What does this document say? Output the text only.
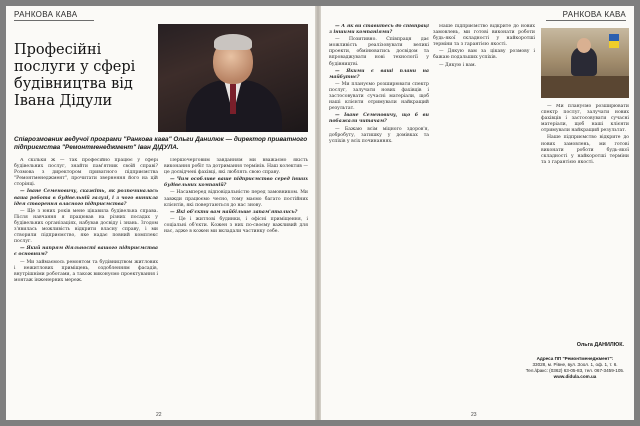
РАНКОВА КАВА
Професійні послуги у сфері будівництва від Івана Дідули
Співрозмовник ведучої програми "Ранкова кава" Ольги Данилюк — директор приватного підприємства "Ремонтменеджмент" Іван ДІДУЛА.

А скільки ж — так професійно працює у сфері будівельних послуг, знайти пам'ятник своїй справі? Розмова з директором приватного підприємства "Ремонтменеджмент", прочитати звернення його на цій сторінці.

— Іване Семеновичу, скажіть, як розпочиналась ваша робота в будівельній галузі, і з чого виникла ідея створення власного підприємства?

— Ще з юних років мене цікавила будівельна справа. Після навчання я працював на різних посадах у будівельних організаціях, набував досвіду і знань. Згодом з'явилась можливість відкрити власну справу, і ми створили підприємство, яке надає повний комплекс послуг.

— Який напрям діяльності вашого підприємства є основним?

— Ми займаємось ремонтом та будівництвом житлових і нежитлових приміщень, оздобленням фасадів, внутрішніми роботами, а також виконуємо проектування і монтаж інженерних мереж.

Першочерговим завданням ми вважаємо якість виконання робіт та дотримання термінів. Наш колектив — це досвідчені фахівці, які люблять свою справу.

— Чим особливе ваше підприємство серед інших будівельних компаній?

— Насамперед відповідальністю перед замовником. Ми завжди працюємо чесно, тому маємо багато постійних клієнтів, які повертаються до нас знову.

— Які об'єкти вам найбільше запам'ятались?

— Це і житлові будинки, і офісні приміщення, і соціальні об'єкти. Кожен з них по-своєму важливий для нас, адже в кожен ми вкладали частинку себе.

22
РАНКОВА КАВА

— А як ви ставитесь до співпраці з іншими компаніями?

— Позитивно. Співпраця дає можливість реалізовувати великі проекти, обмінюватись досвідом та впроваджувати нові технології у будівництві.

— Якими є ваші плани на майбутнє?

— Ми плануємо розширювати спектр послуг, залучати нових фахівців і застосовувати сучасні матеріали, щоб наші клієнти отримували найкращий результат.

— Іване Семеновичу, що б ви побажали читачам?

— Бажаю всім міцного здоров'я, добробуту, затишку у домівках та успіхів у всіх починаннях.

Наше підприємство відкрите до нових замовлень, ми готові виконати роботи будь-якої складності у найкоротші терміни та з гарантією якості.

— Дякую вам за цікаву розмову і бажаю подальших успіхів.

— Дякую і вам.

— Ми плануємо розширювати спектр послуг, залучати нових фахівців і застосовувати сучасні матеріали, щоб наші клієнти отримували найкращий результат.

Наше підприємство відкрите до нових замовлень, ми готові виконати роботи будь-якої складності у найкоротші терміни та з гарантією якості.

Ольга ДАНИЛЮК.
Адреса ПП "Ремонтменеджмент":
33028, м. Рівне, вул. Зоол. 1, оф. 1, т. 6.
Тел./факс: (0362) 63-05-83, тел. 067-3459-105.
www.didula.com.ua
23
